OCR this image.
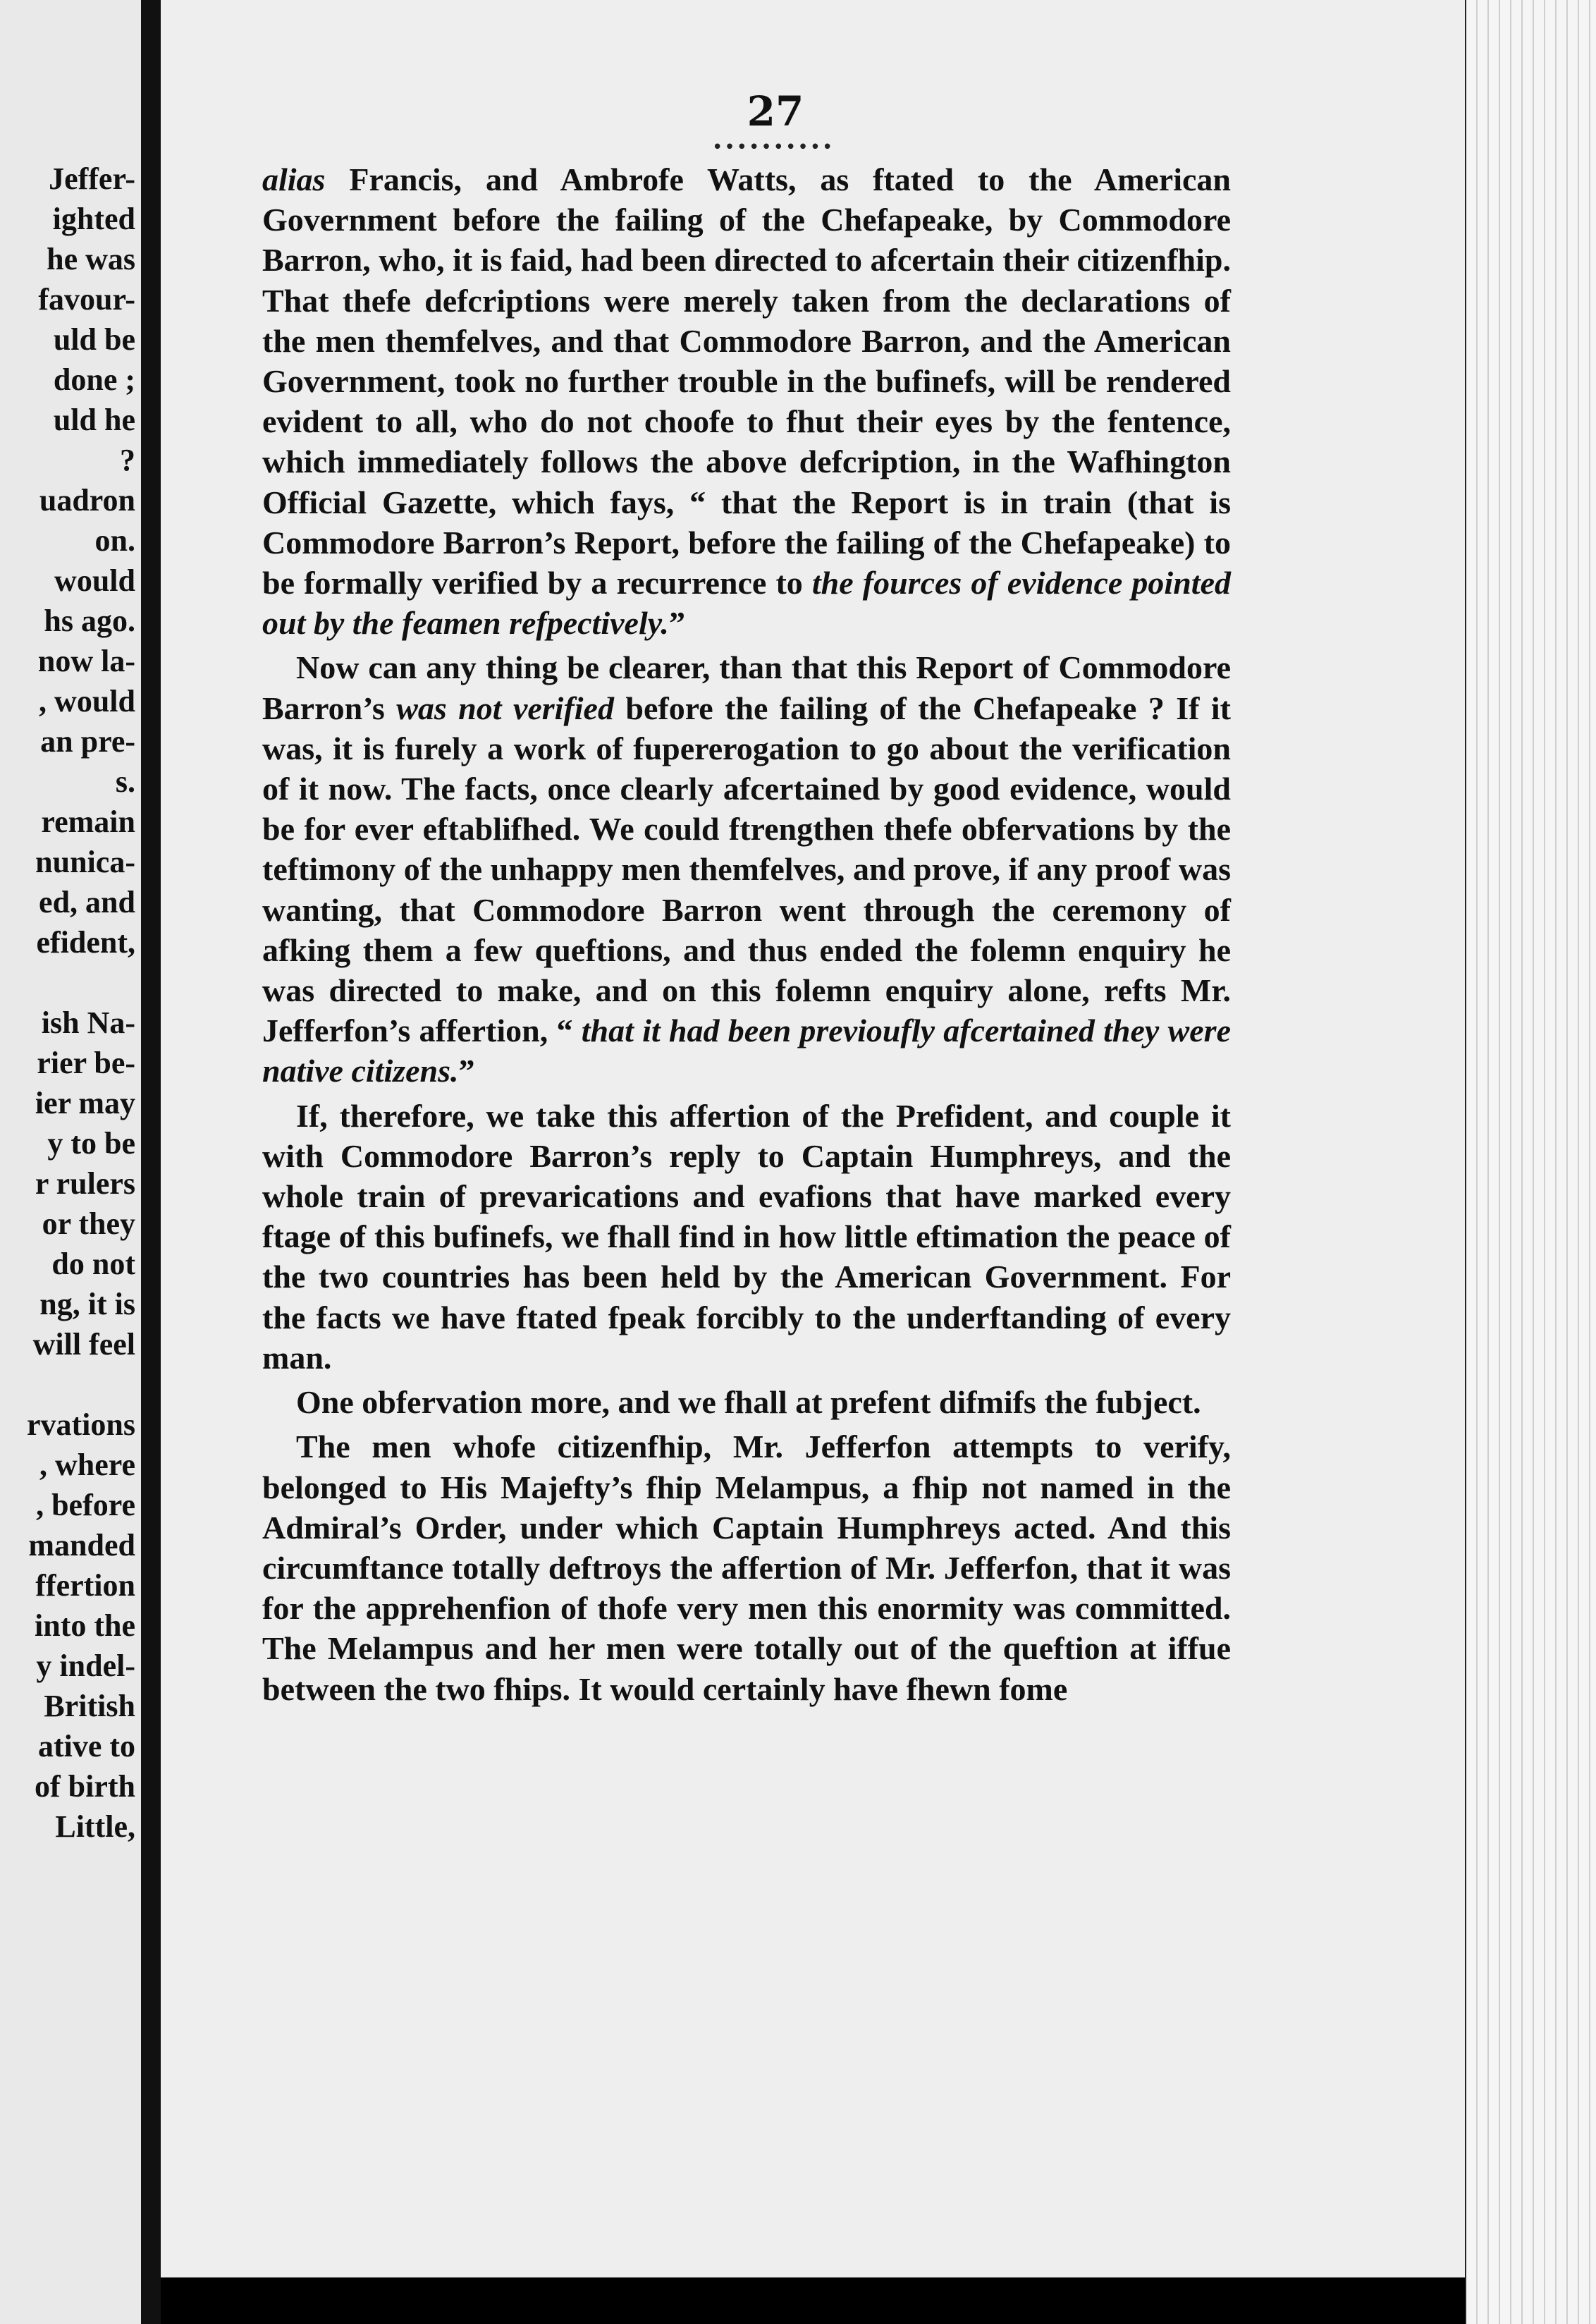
Jeffer-
ighted
he was
favour-
uld be
done ;
uld he
?
uadron
on.
would
hs ago.
now la-
, would
an pre-
s.
remain
nunica-
ed, and
efident,
ish Na-
rier be-
ier may
y to be
r rulers
or they
do not
ng, it is
will feel
rvations
, where
, before
manded
ffertion
into the
y indel-
British
ative to
of birth
Little,
27
••••••••••

alias Francis, and Ambrofe Watts, as ftated to the American Government before the failing of the Chefapeake, by Commodore Barron, who, it is faid, had been directed to afcertain their citizenfhip. That thefe defcriptions were merely taken from the declarations of the men themfelves, and that Commodore Barron, and the American Government, took no further trouble in the bufinefs, will be rendered evident to all, who do not choofe to fhut their eyes by the fentence, which immediately follows the above defcription, in the Wafhington Official Gazette, which fays, “ that the Report is in train (that is Commodore Barron’s Report, before the failing of the Chefapeake) to be formally verified by a recurrence to the fources of evidence pointed out by the feamen refpectively.”

Now can any thing be clearer, than that this Report of Commodore Barron’s was not verified before the failing of the Chefapeake ? If it was, it is furely a work of fupererogation to go about the verification of it now. The facts, once clearly afcertained by good evidence, would be for ever eftablifhed. We could ftrengthen thefe obfervations by the teftimony of the unhappy men themfelves, and prove, if any proof was wanting, that Commodore Barron went through the ceremony of afking them a few queftions, and thus ended the folemn enquiry he was directed to make, and on this folemn enquiry alone, refts Mr. Jefferfon’s affertion, “ that it had been previoufly afcertained they were native citizens.”

If, therefore, we take this affertion of the Prefident, and couple it with Commodore Barron’s reply to Captain Humphreys, and the whole train of prevarications and evafions that have marked every ftage of this bufinefs, we fhall find in how little eftimation the peace of the two countries has been held by the American Government. For the facts we have ftated fpeak forcibly to the underftanding of every man.

One obfervation more, and we fhall at prefent difmifs the fubject.

The men whofe citizenfhip, Mr. Jefferfon attempts to verify, belonged to His Majefty’s fhip Melampus, a fhip not named in the Admiral’s Order, under which Captain Humphreys acted. And this circumftance totally deftroys the affertion of Mr. Jefferfon, that it was for the apprehenfion of thofe very men this enormity was committed. The Melampus and her men were totally out of the queftion at iffue between the two fhips. It would certainly have fhewn fome
